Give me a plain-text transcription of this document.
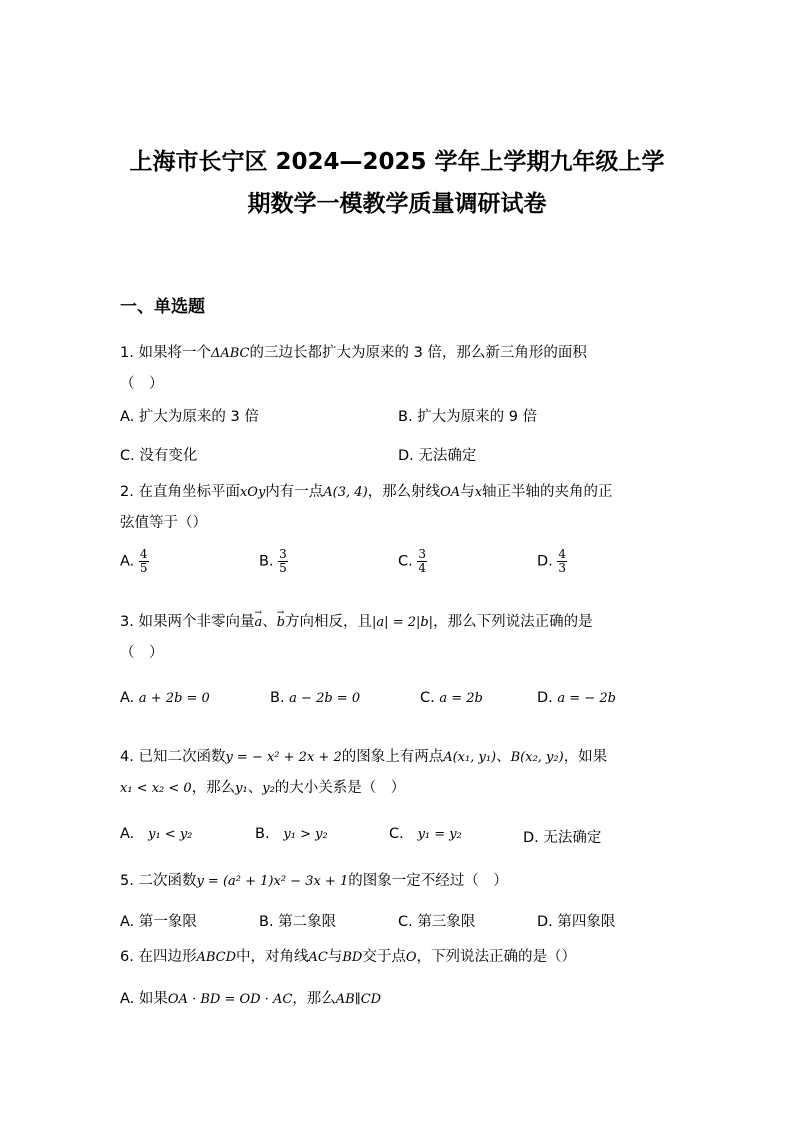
上海市长宁区 2024—2025 学年上学期九年级上学
期数学一模教学质量调研试卷
一、单选题
1. 如果将一个ΔABC的三边长都扩大为原来的 3 倍，那么新三角形的面积
（　）
A. 扩大为原来的 3 倍	B. 扩大为原来的 9 倍
C. 没有变化	D. 无法确定
2. 在直角坐标平面xOy内有一点A(3, 4)，那么射线OA与x轴正半轴的夹角的正
弦值等于（）
A. $\frac{4}{5}$	B. $\frac{3}{5}$	C. $\frac{3}{4}$	D. $\frac{4}{3}$
3. 如果两个非零向量→ a、→ b方向相反，且|a| = 2|b|，那么下列说法正确的是
（　）
A. a + 2b = 0	B. a − 2b = 0	C. a = 2b	D. a = − 2b
4. 已知二次函数y = − x² + 2x + 2的图象上有两点A(x₁, y₁)、B(x₂, y₂)，如果
x₁ < x₂ < 0，那么y₁、y₂的大小关系是（　）
A. y₁ < y₂	B. y₁ > y₂	C. y₁ = y₂	D. 无法确定
5. 二次函数y = (a² + 1)x² − 3x + 1的图象一定不经过（　）
A. 第一象限	B. 第二象限	C. 第三象限	D. 第四象限
6. 在四边形ABCD中，对角线AC与BD交于点O，下列说法正确的是（）
A. 如果OA · BD = OD · AC，那么AB∥CD
